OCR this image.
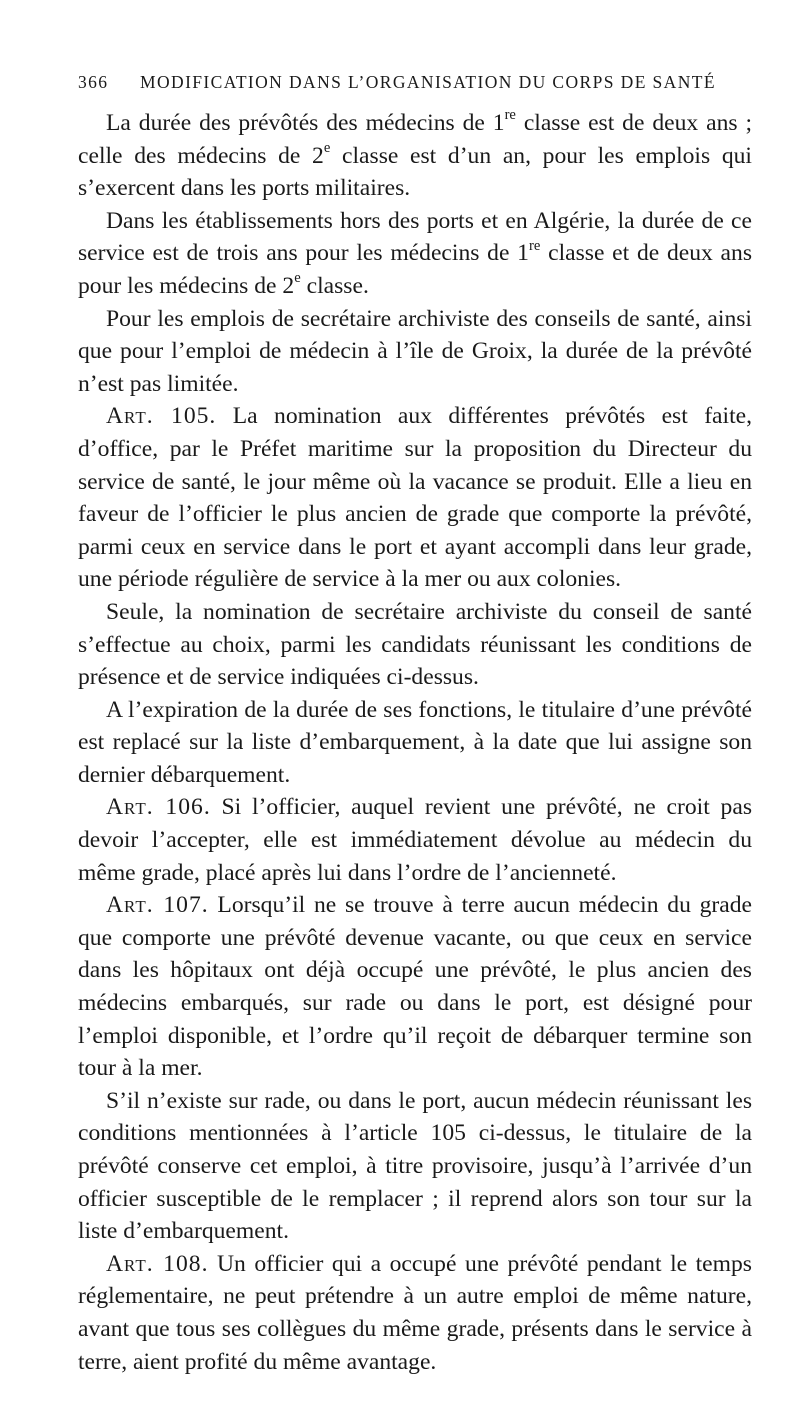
366	MODIFICATION DANS L’ORGANISATION DU CORPS DE SANTÉ

La durée des prévôtés des médecins de 1re classe est de deux ans ; celle des médecins de 2e classe est d’un an, pour les emplois qui s’exercent dans les ports militaires.

Dans les établissements hors des ports et en Algérie, la durée de ce service est de trois ans pour les médecins de 1re classe et de deux ans pour les médecins de 2e classe.

Pour les emplois de secrétaire archiviste des conseils de santé, ainsi que pour l’emploi de médecin à l’île de Groix, la durée de la prévôté n’est pas limitée.

Art. 105. La nomination aux différentes prévôtés est faite, d’office, par le Préfet maritime sur la proposition du Directeur du service de santé, le jour même où la vacance se produit. Elle a lieu en faveur de l’officier le plus ancien de grade que comporte la prévôté, parmi ceux en service dans le port et ayant accompli dans leur grade, une période régulière de service à la mer ou aux colonies.

Seule, la nomination de secrétaire archiviste du conseil de santé s’effectue au choix, parmi les candidats réunissant les conditions de présence et de service indiquées ci-dessus.

A l’expiration de la durée de ses fonctions, le titulaire d’une prévôté est replacé sur la liste d’embarquement, à la date que lui assigne son dernier débarquement.

Art. 106. Si l’officier, auquel revient une prévôté, ne croit pas devoir l’accepter, elle est immédiatement dévolue au médecin du même grade, placé après lui dans l’ordre de l’ancienneté.

Art. 107. Lorsqu’il ne se trouve à terre aucun médecin du grade que comporte une prévôté devenue vacante, ou que ceux en service dans les hôpitaux ont déjà occupé une prévôté, le plus ancien des médecins embarqués, sur rade ou dans le port, est désigné pour l’emploi disponible, et l’ordre qu’il reçoit de débarquer termine son tour à la mer.

S’il n’existe sur rade, ou dans le port, aucun médecin réunissant les conditions mentionnées à l’article 105 ci-dessus, le titulaire de la prévôté conserve cet emploi, à titre provisoire, jusqu’à l’arrivée d’un officier susceptible de le remplacer ; il reprend alors son tour sur la liste d’embarquement.

Art. 108. Un officier qui a occupé une prévôté pendant le temps réglementaire, ne peut prétendre à un autre emploi de même nature, avant que tous ses collègues du même grade, présents dans le service à terre, aient profité du même avantage.
